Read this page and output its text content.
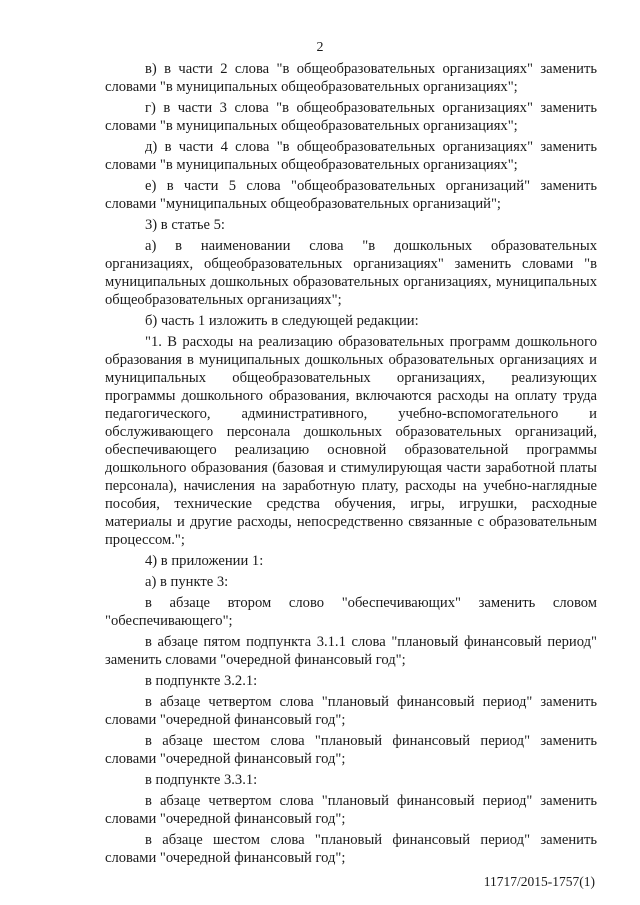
2

в) в части 2 слова "в общеобразовательных организациях" заменить словами "в муниципальных общеобразовательных организациях";

г) в части 3 слова "в общеобразовательных организациях" заменить словами "в муниципальных общеобразовательных организациях";

д) в части 4 слова "в общеобразовательных организациях" заменить словами "в муниципальных общеобразовательных организациях";

е) в части 5 слова "общеобразовательных организаций" заменить словами "муниципальных общеобразовательных организаций";

3) в статье 5:

а) в наименовании слова "в дошкольных образовательных организациях, общеобразовательных организациях" заменить словами "в муниципальных дошкольных образовательных организациях, муниципальных общеобразовательных организациях";

б) часть 1 изложить в следующей редакции:

"1. В расходы на реализацию образовательных программ дошкольного образования в муниципальных дошкольных образовательных организациях и муниципальных общеобразовательных организациях, реализующих программы дошкольного образования, включаются расходы на оплату труда педагогического, административного, учебно-вспомогательного и обслуживающего персонала дошкольных образовательных организаций, обеспечивающего реализацию основной образовательной программы дошкольного образования (базовая и стимулирующая части заработной платы персонала), начисления на заработную плату, расходы на учебно-наглядные пособия, технические средства обучения, игры, игрушки, расходные материалы и другие расходы, непосредственно связанные с образовательным процессом.";

4) в приложении 1:

а) в пункте 3:

в абзаце втором слово "обеспечивающих" заменить словом "обеспечивающего";

в абзаце пятом подпункта 3.1.1 слова "плановый финансовый период" заменить словами "очередной финансовый год";

в подпункте 3.2.1:

в абзаце четвертом слова "плановый финансовый период" заменить словами "очередной финансовый год";

в абзаце шестом слова "плановый финансовый период" заменить словами "очередной финансовый год";

в подпункте 3.3.1:

в абзаце четвертом слова "плановый финансовый период" заменить словами "очередной финансовый год";

в абзаце шестом слова "плановый финансовый период" заменить словами "очередной финансовый год";

11717/2015-1757(1)
